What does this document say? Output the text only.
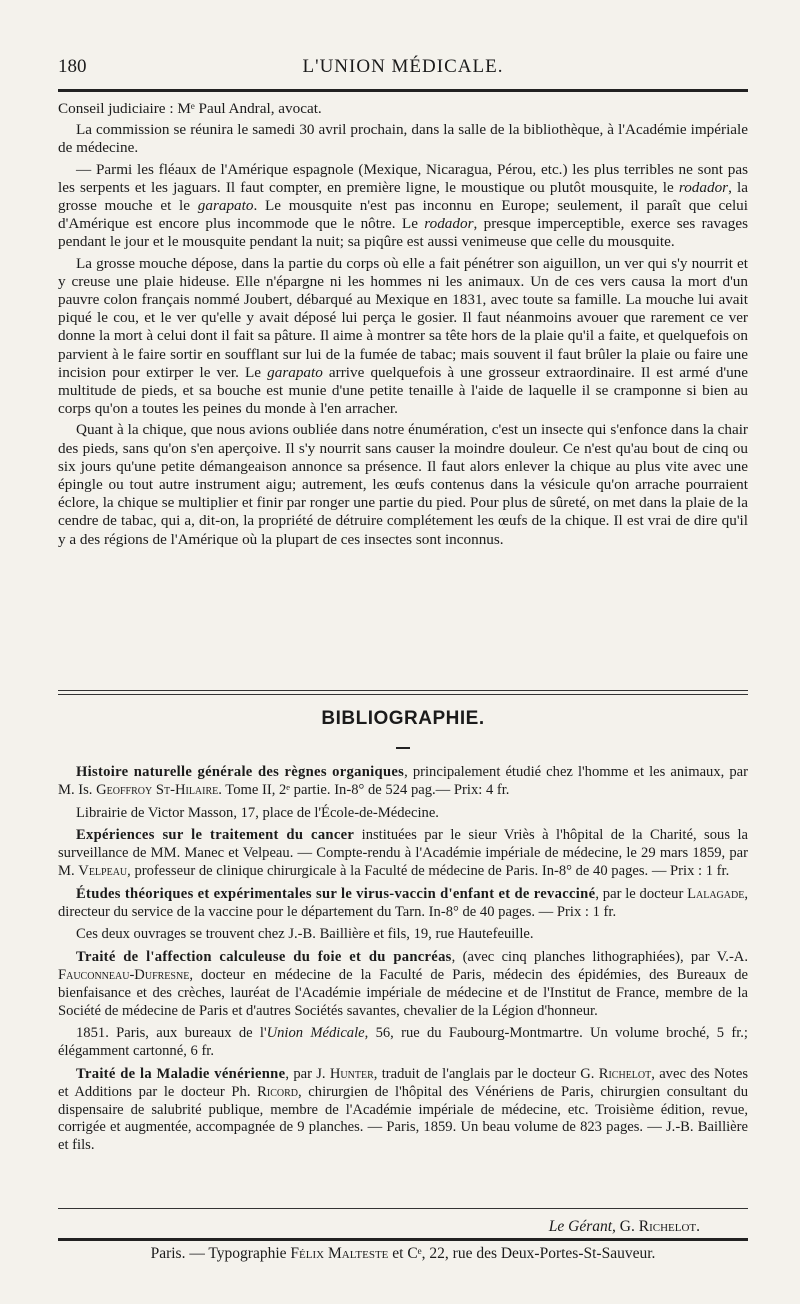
180	L'UNION MÉDICALE.

Conseil judiciaire : Mᵉ Paul Andral, avocat.

La commission se réunira le samedi 30 avril prochain, dans la salle de la bibliothèque, à l'Académie impériale de médecine.

— Parmi les fléaux de l'Amérique espagnole (Mexique, Nicaragua, Pérou, etc.) les plus terribles ne sont pas les serpents et les jaguars. Il faut compter, en première ligne, le moustique ou plutôt mousquite, le rodador, la grosse mouche et le garapato. Le mousquite n'est pas inconnu en Europe; seulement, il paraît que celui d'Amérique est encore plus incommode que le nôtre. Le rodador, presque imperceptible, exerce ses ravages pendant le jour et le mousquite pendant la nuit; sa piqûre est aussi venimeuse que celle du mousquite.

La grosse mouche dépose, dans la partie du corps où elle a fait pénétrer son aiguillon, un ver qui s'y nourrit et y creuse une plaie hideuse. Elle n'épargne ni les hommes ni les animaux. Un de ces vers causa la mort d'un pauvre colon français nommé Joubert, débarqué au Mexique en 1831, avec toute sa famille. La mouche lui avait piqué le cou, et le ver qu'elle y avait déposé lui perça le gosier. Il faut néanmoins avouer que rarement ce ver donne la mort à celui dont il fait sa pâture. Il aime à montrer sa tête hors de la plaie qu'il a faite, et quelquefois on parvient à le faire sortir en soufflant sur lui de la fumée de tabac; mais souvent il faut brûler la plaie ou faire une incision pour extirper le ver. Le garapato arrive quelquefois à une grosseur extraordinaire. Il est armé d'une multitude de pieds, et sa bouche est munie d'une petite tenaille à l'aide de laquelle il se cramponne si bien au corps qu'on a toutes les peines du monde à l'en arracher.

Quant à la chique, que nous avions oubliée dans notre énumération, c'est un insecte qui s'enfonce dans la chair des pieds, sans qu'on s'en aperçoive. Il s'y nourrit sans causer la moindre douleur. Ce n'est qu'au bout de cinq ou six jours qu'une petite démangeaison annonce sa présence. Il faut alors enlever la chique au plus vite avec une épingle ou tout autre instrument aigu; autrement, les œufs contenus dans la vésicule qu'on arrache pourraient éclore, la chique se multiplier et finir par ronger une partie du pied. Pour plus de sûreté, on met dans la plaie de la cendre de tabac, qui a, dit-on, la propriété de détruire complétement les œufs de la chique. Il est vrai de dire qu'il y a des régions de l'Amérique où la plupart de ces insectes sont inconnus.

BIBLIOGRAPHIE.

Histoire naturelle générale des règnes organiques, principalement étudié chez l'homme et les animaux, par M. Is. Geoffroy St-Hilaire. Tome II, 2ᵉ partie. In-8° de 524 pag.— Prix: 4 fr.

Librairie de Victor Masson, 17, place de l'École-de-Médecine.

Expériences sur le traitement du cancer instituées par le sieur Vriès à l'hôpital de la Charité, sous la surveillance de MM. Manec et Velpeau. — Compte-rendu à l'Académie impériale de médecine, le 29 mars 1859, par M. Velpeau, professeur de clinique chirurgicale à la Faculté de médecine de Paris. In-8° de 40 pages. — Prix : 1 fr.

Études théoriques et expérimentales sur le virus-vaccin d'enfant et de revacciné, par le docteur Lalagade, directeur du service de la vaccine pour le département du Tarn. In-8° de 40 pages. — Prix : 1 fr.

Ces deux ouvrages se trouvent chez J.-B. Baillière et fils, 19, rue Hautefeuille.

Traité de l'affection calculeuse du foie et du pancréas, (avec cinq planches lithographiées), par V.-A. Fauconneau-Dufresne, docteur en médecine de la Faculté de Paris, médecin des épidémies, des Bureaux de bienfaisance et des crèches, lauréat de l'Académie impériale de médecine et de l'Institut de France, membre de la Société de médecine de Paris et d'autres Sociétés savantes, chevalier de la Légion d'honneur.

1851. Paris, aux bureaux de l'Union Médicale, 56, rue du Faubourg-Montmartre. Un volume broché, 5 fr.; élégamment cartonné, 6 fr.

Traité de la Maladie vénérienne, par J. Hunter, traduit de l'anglais par le docteur G. Richelot, avec des Notes et Additions par le docteur Ph. Ricord, chirurgien de l'hôpital des Vénériens de Paris, chirurgien consultant du dispensaire de salubrité publique, membre de l'Académie impériale de médecine, etc. Troisième édition, revue, corrigée et augmentée, accompagnée de 9 planches. — Paris, 1859. Un beau volume de 823 pages. — J.-B. Baillière et fils.

Le Gérant, G. Richelot.
Paris. — Typographie Félix Malteste et Cᵉ, 22, rue des Deux-Portes-St-Sauveur.
